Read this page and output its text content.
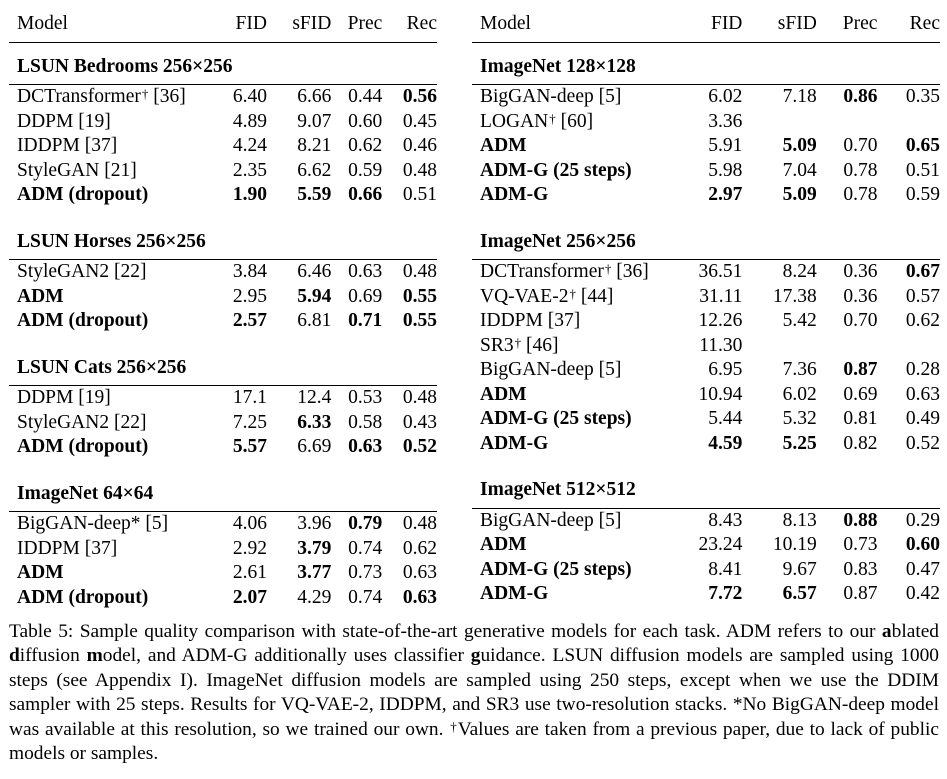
Model	FID	sFID	Prec	Rec
LSUN Bedrooms 256×256				
DCTransformer† [36]	6.40	6.66	0.44	0.56
DDPM [19]	4.89	9.07	0.60	0.45
IDDPM [37]	4.24	8.21	0.62	0.46
StyleGAN [21]	2.35	6.62	0.59	0.48
ADM (dropout)	1.90	5.59	0.66	0.51

LSUN Horses 256×256				
StyleGAN2 [22]	3.84	6.46	0.63	0.48
ADM	2.95	5.94	0.69	0.55
ADM (dropout)	2.57	6.81	0.71	0.55

LSUN Cats 256×256				
DDPM [19]	17.1	12.4	0.53	0.48
StyleGAN2 [22]	7.25	6.33	0.58	0.43
ADM (dropout)	5.57	6.69	0.63	0.52

ImageNet 64×64				
BigGAN-deep* [5]	4.06	3.96	0.79	0.48
IDDPM [37]	2.92	3.79	0.74	0.62
ADM	2.61	3.77	0.73	0.63
ADM (dropout)	2.07	4.29	0.74	0.63
Model	FID	sFID	Prec	Rec
ImageNet 128×128				
BigGAN-deep [5]	6.02	7.18	0.86	0.35
LOGAN† [60]	3.36			
ADM	5.91	5.09	0.70	0.65
ADM-G (25 steps)	5.98	7.04	0.78	0.51
ADM-G	2.97	5.09	0.78	0.59

ImageNet 256×256				
DCTransformer† [36]	36.51	8.24	0.36	0.67
VQ-VAE-2† [44]	31.11	17.38	0.36	0.57
IDDPM [37]	12.26	5.42	0.70	0.62
SR3† [46]	11.30			
BigGAN-deep [5]	6.95	7.36	0.87	0.28
ADM	10.94	6.02	0.69	0.63
ADM-G (25 steps)	5.44	5.32	0.81	0.49
ADM-G	4.59	5.25	0.82	0.52

ImageNet 512×512				
BigGAN-deep [5]	8.43	8.13	0.88	0.29
ADM	23.24	10.19	0.73	0.60
ADM-G (25 steps)	8.41	9.67	0.83	0.47
ADM-G	7.72	6.57	0.87	0.42

Table 5: Sample quality comparison with state-of-the-art generative models for each task. ADM refers to our ablated diffusion model, and ADM-G additionally uses classifier guidance. LSUN diffusion models are sampled using 1000 steps (see Appendix I). ImageNet diffusion models are sampled using 250 steps, except when we use the DDIM sampler with 25 steps. Results for VQ-VAE-2, IDDPM, and SR3 use two-resolution stacks. *No BigGAN-deep model was available at this resolution, so we trained our own. †Values are taken from a previous paper, due to lack of public models or samples.
